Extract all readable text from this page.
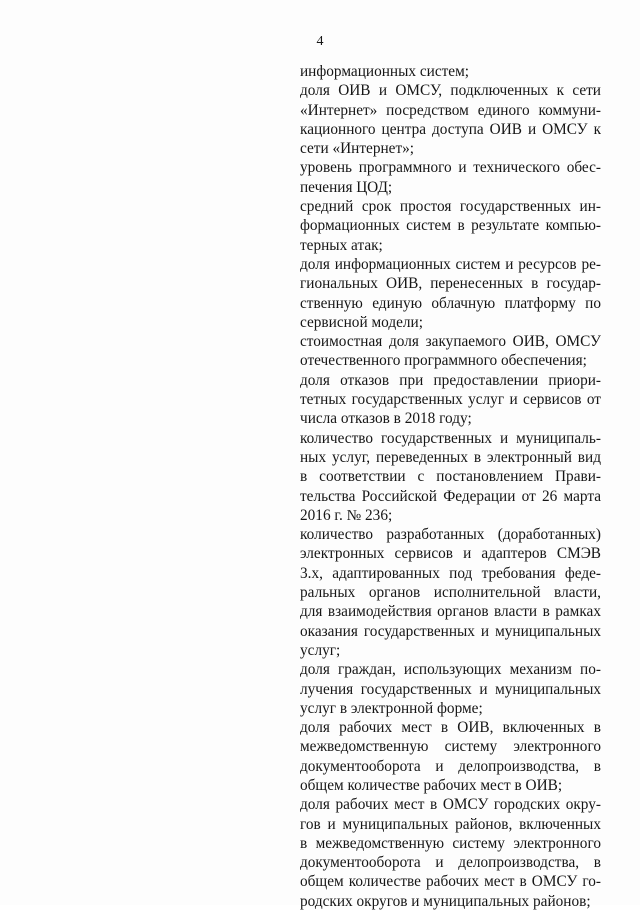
4
информационных систем;
доля ОИВ и ОМСУ, подключенных к сети
«Интернет» посредством единого коммуни-
кационного центра доступа ОИВ и ОМСУ к
сети «Интернет»;
уровень программного и технического обес-
печения ЦОД;
средний срок простоя государственных ин-
формационных систем в результате компью-
терных атак;
доля информационных систем и ресурсов ре-
гиональных ОИВ, перенесенных в государ-
ственную единую облачную платформу по
сервисной модели;
стоимостная доля закупаемого ОИВ, ОМСУ
отечественного программного обеспечения;
доля отказов при предоставлении приори-
тетных государственных услуг и сервисов от
числа отказов в 2018 году;
количество государственных и муниципаль-
ных услуг, переведенных в электронный вид
в соответствии с постановлением Прави-
тельства Российской Федерации от 26 марта
2016 г. № 236;
количество разработанных (доработанных)
электронных сервисов и адаптеров СМЭВ
3.х, адаптированных под требования феде-
ральных органов исполнительной власти,
для взаимодействия органов власти в рамках
оказания государственных и муниципальных
услуг;
доля граждан, использующих механизм по-
лучения государственных и муниципальных
услуг в электронной форме;
доля рабочих мест в ОИВ, включенных в
межведомственную систему электронного
документооборота и делопроизводства, в
общем количестве рабочих мест в ОИВ;
доля рабочих мест в ОМСУ городских окру-
гов и муниципальных районов, включенных
в межведомственную систему электронного
документооборота и делопроизводства, в
общем количестве рабочих мест в ОМСУ го-
родских округов и муниципальных районов;
